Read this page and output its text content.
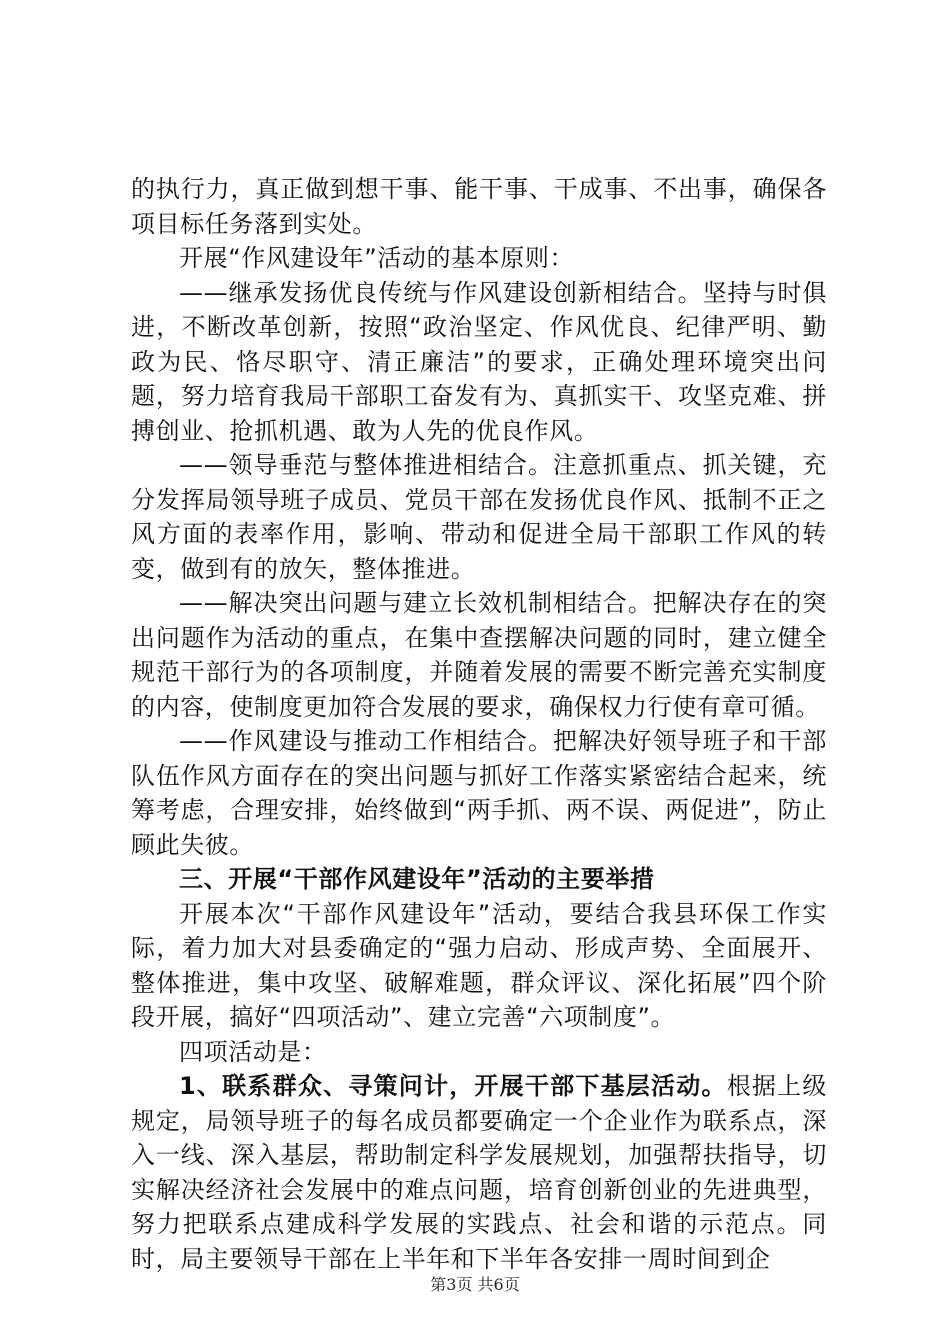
的执行力，真正做到想干事、能干事、干成事、不出事，确保各项目标任务落到实处。

开展“作风建设年”活动的基本原则：

——继承发扬优良传统与作风建设创新相结合。坚持与时俱进，不断改革创新，按照“政治坚定、作风优良、纪律严明、勤政为民、恪尽职守、清正廉洁”的要求，正确处理环境突出问题，努力培育我局干部职工奋发有为、真抓实干、攻坚克难、拼搏创业、抢抓机遇、敢为人先的优良作风。

——领导垂范与整体推进相结合。注意抓重点、抓关键，充分发挥局领导班子成员、党员干部在发扬优良作风、抵制不正之风方面的表率作用，影响、带动和促进全局干部职工作风的转变，做到有的放矢，整体推进。

——解决突出问题与建立长效机制相结合。把解决存在的突出问题作为活动的重点，在集中查摆解决问题的同时，建立健全规范干部行为的各项制度，并随着发展的需要不断完善充实制度的内容，使制度更加符合发展的要求，确保权力行使有章可循。

——作风建设与推动工作相结合。把解决好领导班子和干部队伍作风方面存在的突出问题与抓好工作落实紧密结合起来，统筹考虑，合理安排，始终做到“两手抓、两不误、两促进”，防止顾此失彼。

三、开展“干部作风建设年”活动的主要举措

开展本次“干部作风建设年”活动，要结合我县环保工作实际，着力加大对县委确定的“强力启动、形成声势、全面展开、整体推进，集中攻坚、破解难题，群众评议、深化拓展”四个阶段开展，搞好“四项活动”、建立完善“六项制度”。

四项活动是：

1、联系群众、寻策问计，开展干部下基层活动。根据上级规定，局领导班子的每名成员都要确定一个企业作为联系点，深入一线、深入基层，帮助制定科学发展规划，加强帮扶指导，切实解决经济社会发展中的难点问题，培育创新创业的先进典型，努力把联系点建成科学发展的实践点、社会和谐的示范点。同时，局主要领导干部在上半年和下半年各安排一周时间到企

第3页 共6页
